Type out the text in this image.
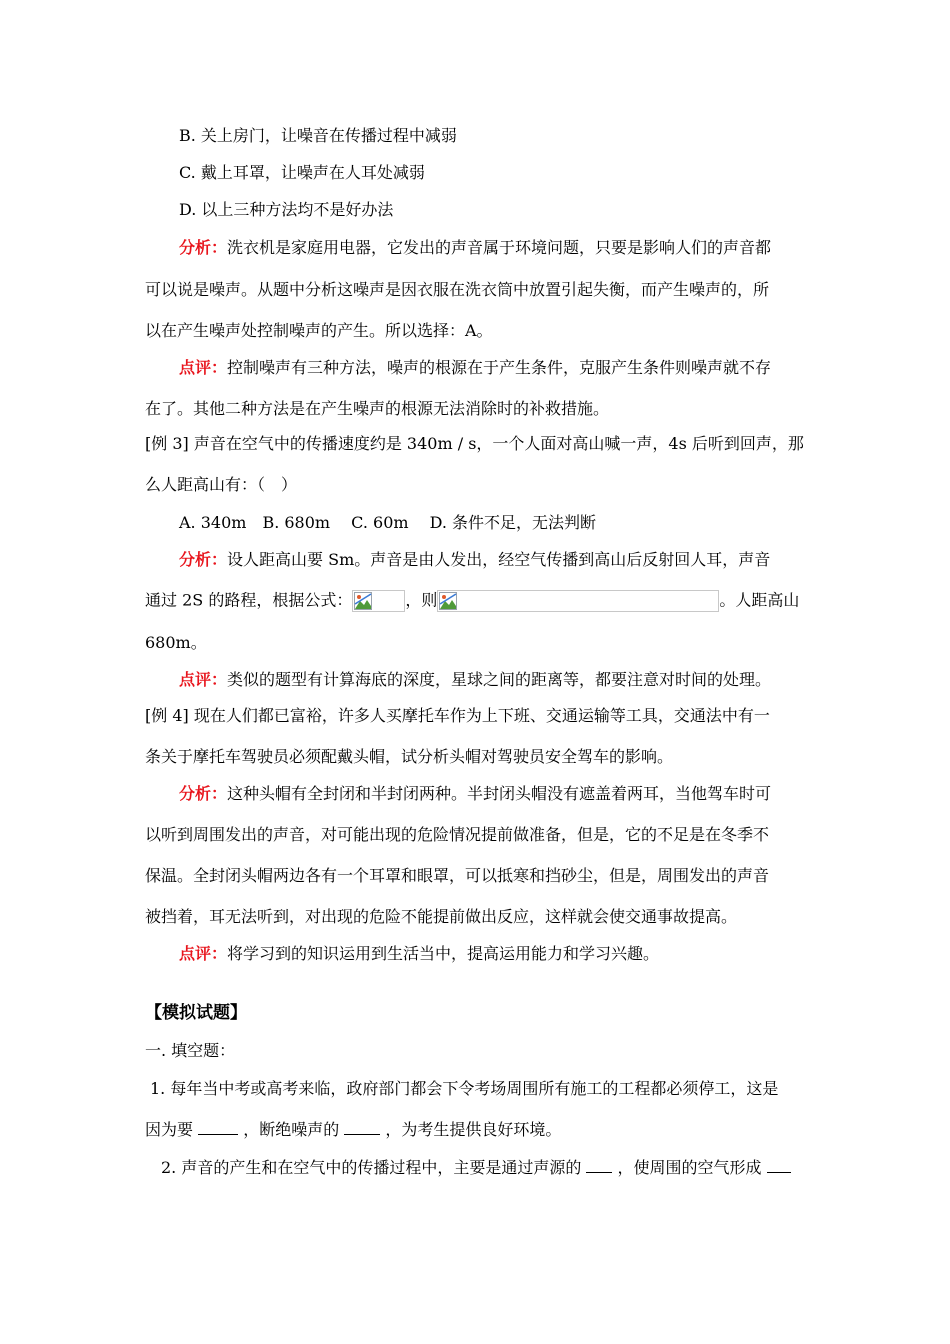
B. 关上房门，让噪音在传播过程中减弱
C. 戴上耳罩，让噪声在人耳处减弱
D. 以上三种方法均不是好办法
分析：洗衣机是家庭用电器，它发出的声音属于环境问题，只要是影响人们的声音都
可以说是噪声。从题中分析这噪声是因衣服在洗衣筒中放置引起失衡，而产生噪声的，所
以在产生噪声处控制噪声的产生。所以选择：A。
点评：控制噪声有三种方法，噪声的根源在于产生条件，克服产生条件则噪声就不存
在了。其他二种方法是在产生噪声的根源无法消除时的补救措施。
[例 3] 声音在空气中的传播速度约是 340m / s，一个人面对高山喊一声，4s 后听到回声，那
么人距高山有：（　）
A. 340m　B. 680m　 C. 60m　 D. 条件不足，无法判断
分析：设人距高山要 Sm。声音是由人发出，经空气传播到高山后反射回人耳，声音
通过 2S 的路程，根据公式：	，则	。人距高山
680m。
点评：类似的题型有计算海底的深度，星球之间的距离等，都要注意对时间的处理。
[例 4] 现在人们都已富裕，许多人买摩托车作为上下班、交通运输等工具，交通法中有一
条关于摩托车驾驶员必须配戴头帽，试分析头帽对驾驶员安全驾车的影响。
分析：这种头帽有全封闭和半封闭两种。半封闭头帽没有遮盖着两耳，当他驾车时可
以听到周围发出的声音，对可能出现的危险情况提前做准备，但是，它的不足是在冬季不
保温。全封闭头帽两边各有一个耳罩和眼罩，可以抵寒和挡砂尘，但是，周围发出的声音
被挡着，耳无法听到，对出现的危险不能提前做出反应，这样就会使交通事故提高。
点评：将学习到的知识运用到生活当中，提高运用能力和学习兴趣。
【模拟试题】
一. 填空题：
1. 每年当中考或高考来临，政府部门都会下令考场周围所有施工的工程都必须停工，这是
因为要	，断绝噪声的	，为考生提供良好环境。
2. 声音的产生和在空气中的传播过程中，主要是通过声源的 ，使周围的空气形成
